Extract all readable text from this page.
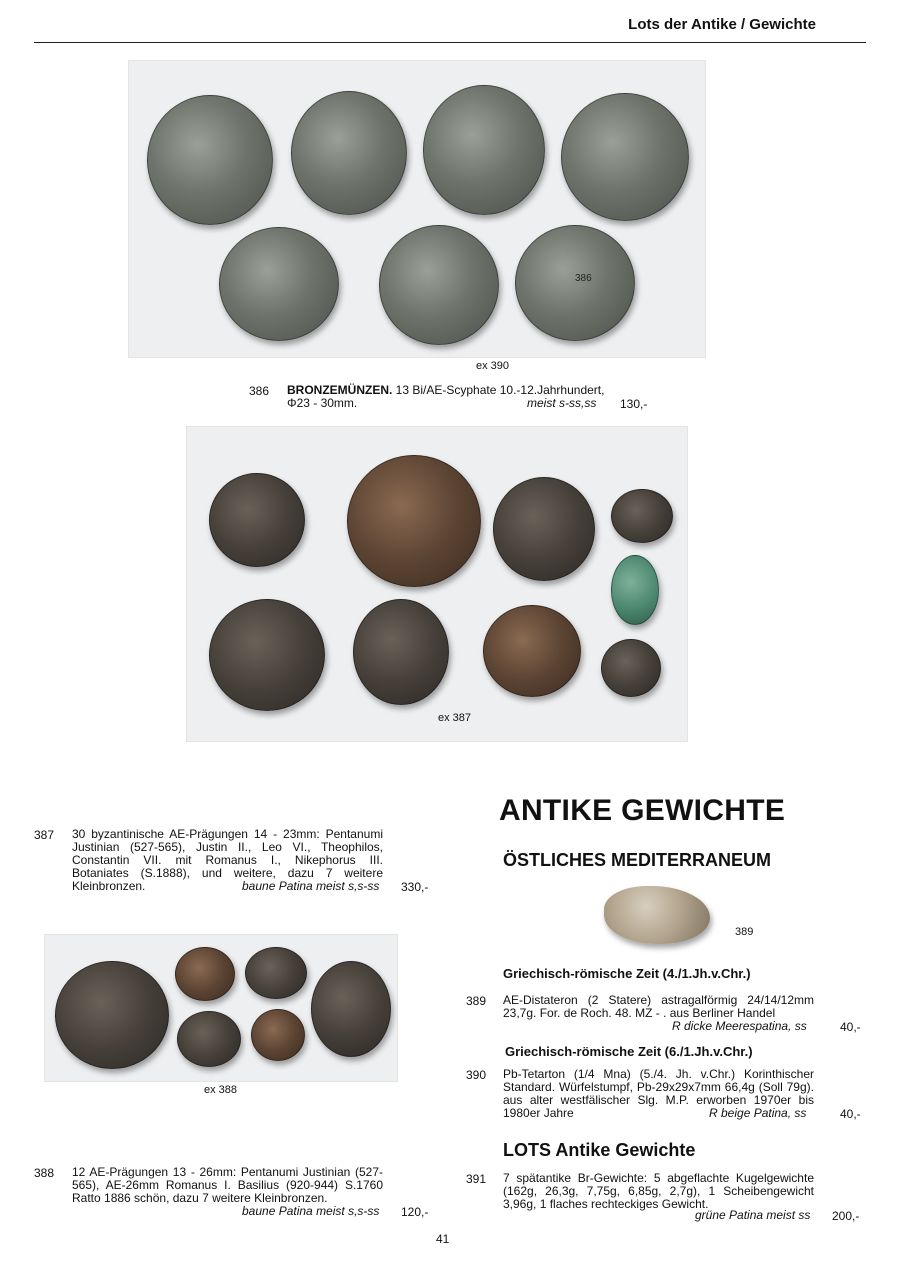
Lots der Antike / Gewichte
386
ex 390
386 BRONZEMÜNZEN. 13 Bi/AE-Scyphate 10.-12.Jahrhundert,
Φ23 - 30mm.	meist s-ss,ss 130,-
ex 387
387 30 byzantinische AE-Prägungen 14 - 23mm: Pentanumi
Justinian (527-565), Justin II., Leo VI., Theophilos,
Constantin VII. mit Romanus I., Nikephorus III.
Botaniates (S.1888), und weitere, dazu 7 weitere
Kleinbronzen.	baune Patina meist s,s-ss 330,-
ex 388
388 12 AE-Prägungen 13 - 26mm: Pentanumi Justinian (527-
565), AE-26mm Romanus I. Basilius (920-944) S.1760
Ratto 1886 schön, dazu 7 weitere Kleinbronzen.
baune Patina meist s,s-ss 120,-
ANTIKE GEWICHTE
ÖSTLICHES MEDITERRANEUM
389
Griechisch-römische Zeit (4./1.Jh.v.Chr.)
389 AE-Distateron (2 Statere) astragalförmig 24/14/12mm
23,7g. For. de Roch. 48. MZ - . aus Berliner Handel
R dicke Meerespatina, ss	40,-
Griechisch-römische Zeit (6./1.Jh.v.Chr.)
390 Pb-Tetarton (1/4 Mna) (5./4. Jh. v.Chr.) Korinthischer
Standard. Würfelstumpf, Pb-29x29x7mm 66,4g (Soll 79g).
aus alter westfälischer Slg. M.P. erworben 1970er bis
1980er Jahre	R beige Patina, ss	40,-
LOTS Antike Gewichte
391 7 spätantike Br-Gewichte: 5 abgeflachte Kugelgewichte
(162g, 26,3g, 7,75g, 6,85g, 2,7g), 1 Scheibengewicht
3,96g, 1 flaches rechteckiges Gewicht.
grüne Patina meist ss 200,-
41
